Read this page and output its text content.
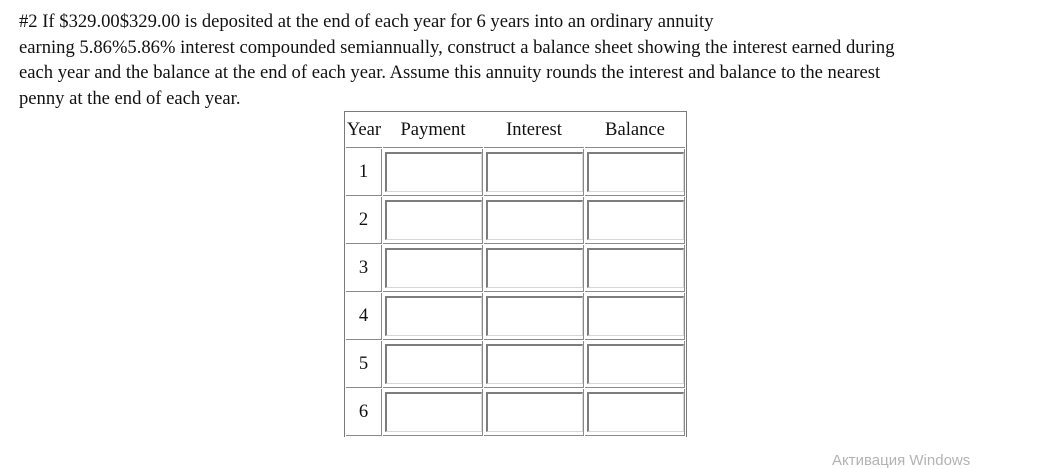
#2 If $329.00$329.00 is deposited at the end of each year for 6 years into an ordinary annuity
earning 5.86%5.86% interest compounded semiannually, construct a balance sheet showing the interest earned during
each year and the balance at the end of each year. Assume this annuity rounds the interest and balance to the nearest
penny at the end of each year.
Year	Payment	Interest	Balance
1	

2	

3	

4	

5	

6	

Активация Windows
